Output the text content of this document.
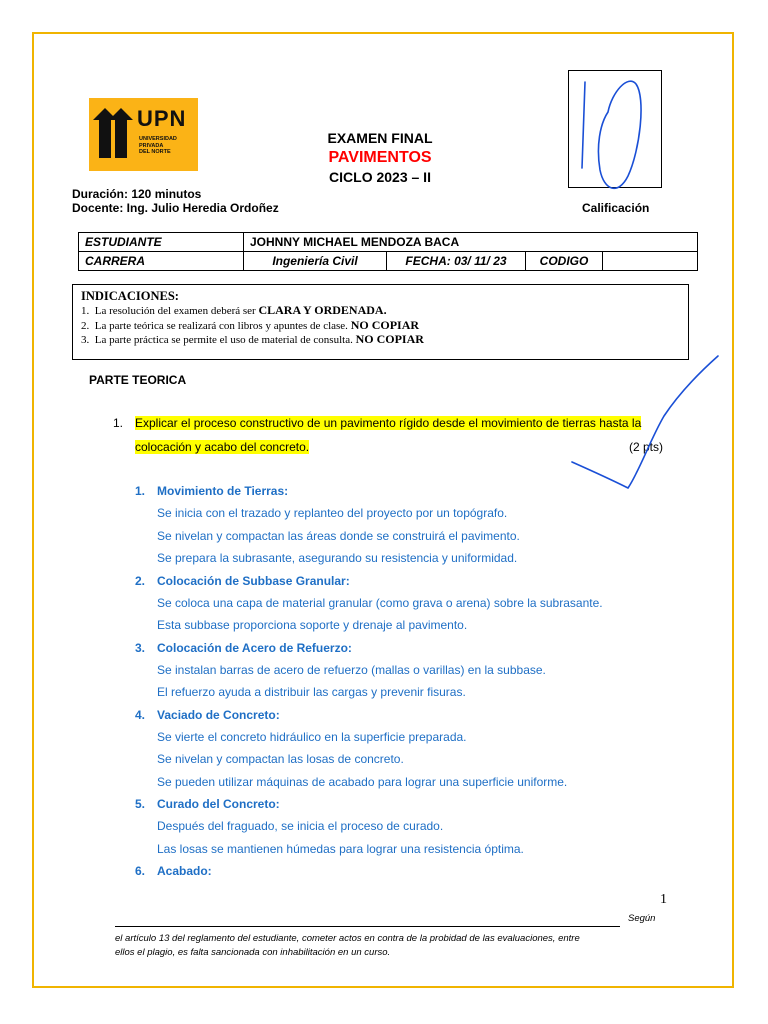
UPN
UNIVERSIDAD
PRIVADA
DEL NORTE
EXAMEN FINAL
PAVIMENTOS
CICLO 2023 – II
Duración: 120 minutos
Docente: Ing. Julio Heredia Ordoñez	Calificación
ESTUDIANTE	JOHNNY MICHAEL MENDOZA BACA			
CARRERA	Ingeniería Civil	FECHA: 03/ 11/ 23	CODIGO	
INDICACIONES:
1. La resolución del examen deberá ser CLARA Y ORDENADA.
2. La parte teórica se realizará con libros y apuntes de clase. NO COPIAR
3. La parte práctica se permite el uso de material de consulta. NO COPIAR
PARTE TEORICA
1. Explicar el proceso constructivo de un pavimento rígido desde el movimiento de tierras hasta la
colocación y acabo del concreto.	(2 pts)
1. Movimiento de Tierras:
Se inicia con el trazado y replanteo del proyecto por un topógrafo.
Se nivelan y compactan las áreas donde se construirá el pavimento.
Se prepara la subrasante, asegurando su resistencia y uniformidad.
2. Colocación de Subbase Granular:
Se coloca una capa de material granular (como grava o arena) sobre la subrasante.
Esta subbase proporciona soporte y drenaje al pavimento.
3. Colocación de Acero de Refuerzo:
Se instalan barras de acero de refuerzo (mallas o varillas) en la subbase.
El refuerzo ayuda a distribuir las cargas y prevenir fisuras.
4. Vaciado de Concreto:
Se vierte el concreto hidráulico en la superficie preparada.
Se nivelan y compactan las losas de concreto.
Se pueden utilizar máquinas de acabado para lograr una superficie uniforme.
5. Curado del Concreto:
Después del fraguado, se inicia el proceso de curado.
Las losas se mantienen húmedas para lograr una resistencia óptima.
6. Acabado:
1
Según
el artículo 13 del reglamento del estudiante, cometer actos en contra de la probidad de las evaluaciones, entre
ellos el plagio, es falta sancionada con inhabilitación en un curso.
